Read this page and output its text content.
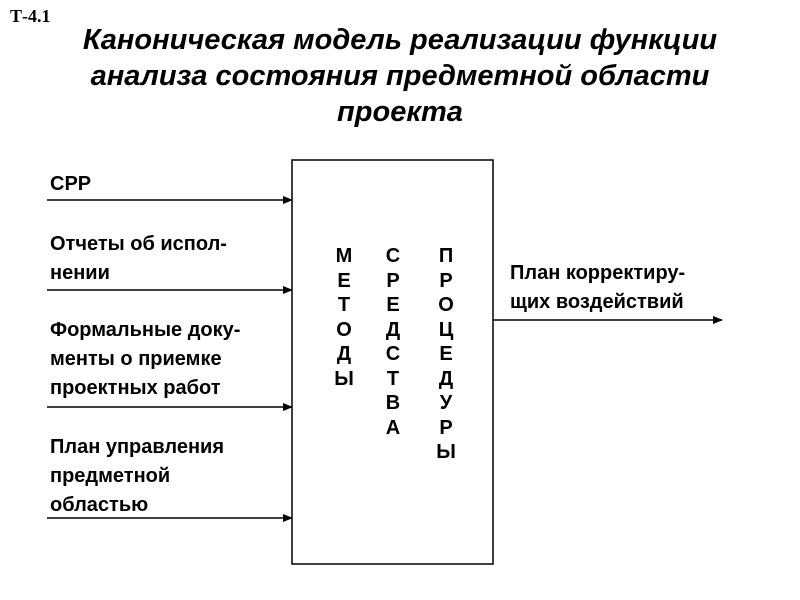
Т-4.1
Каноническая модель реализации функции
анализа состояния предметной области
проекта
СРР
Отчеты об испол-
нении
Формальные доку-
менты о приемке
проектных работ
План управления
предметной
областью
План корректиру-
щих воздействий
М
Е
Т
О
Д
Ы
С
Р
Е
Д
С
Т
В
А
П
Р
О
Ц
Е
Д
У
Р
Ы
